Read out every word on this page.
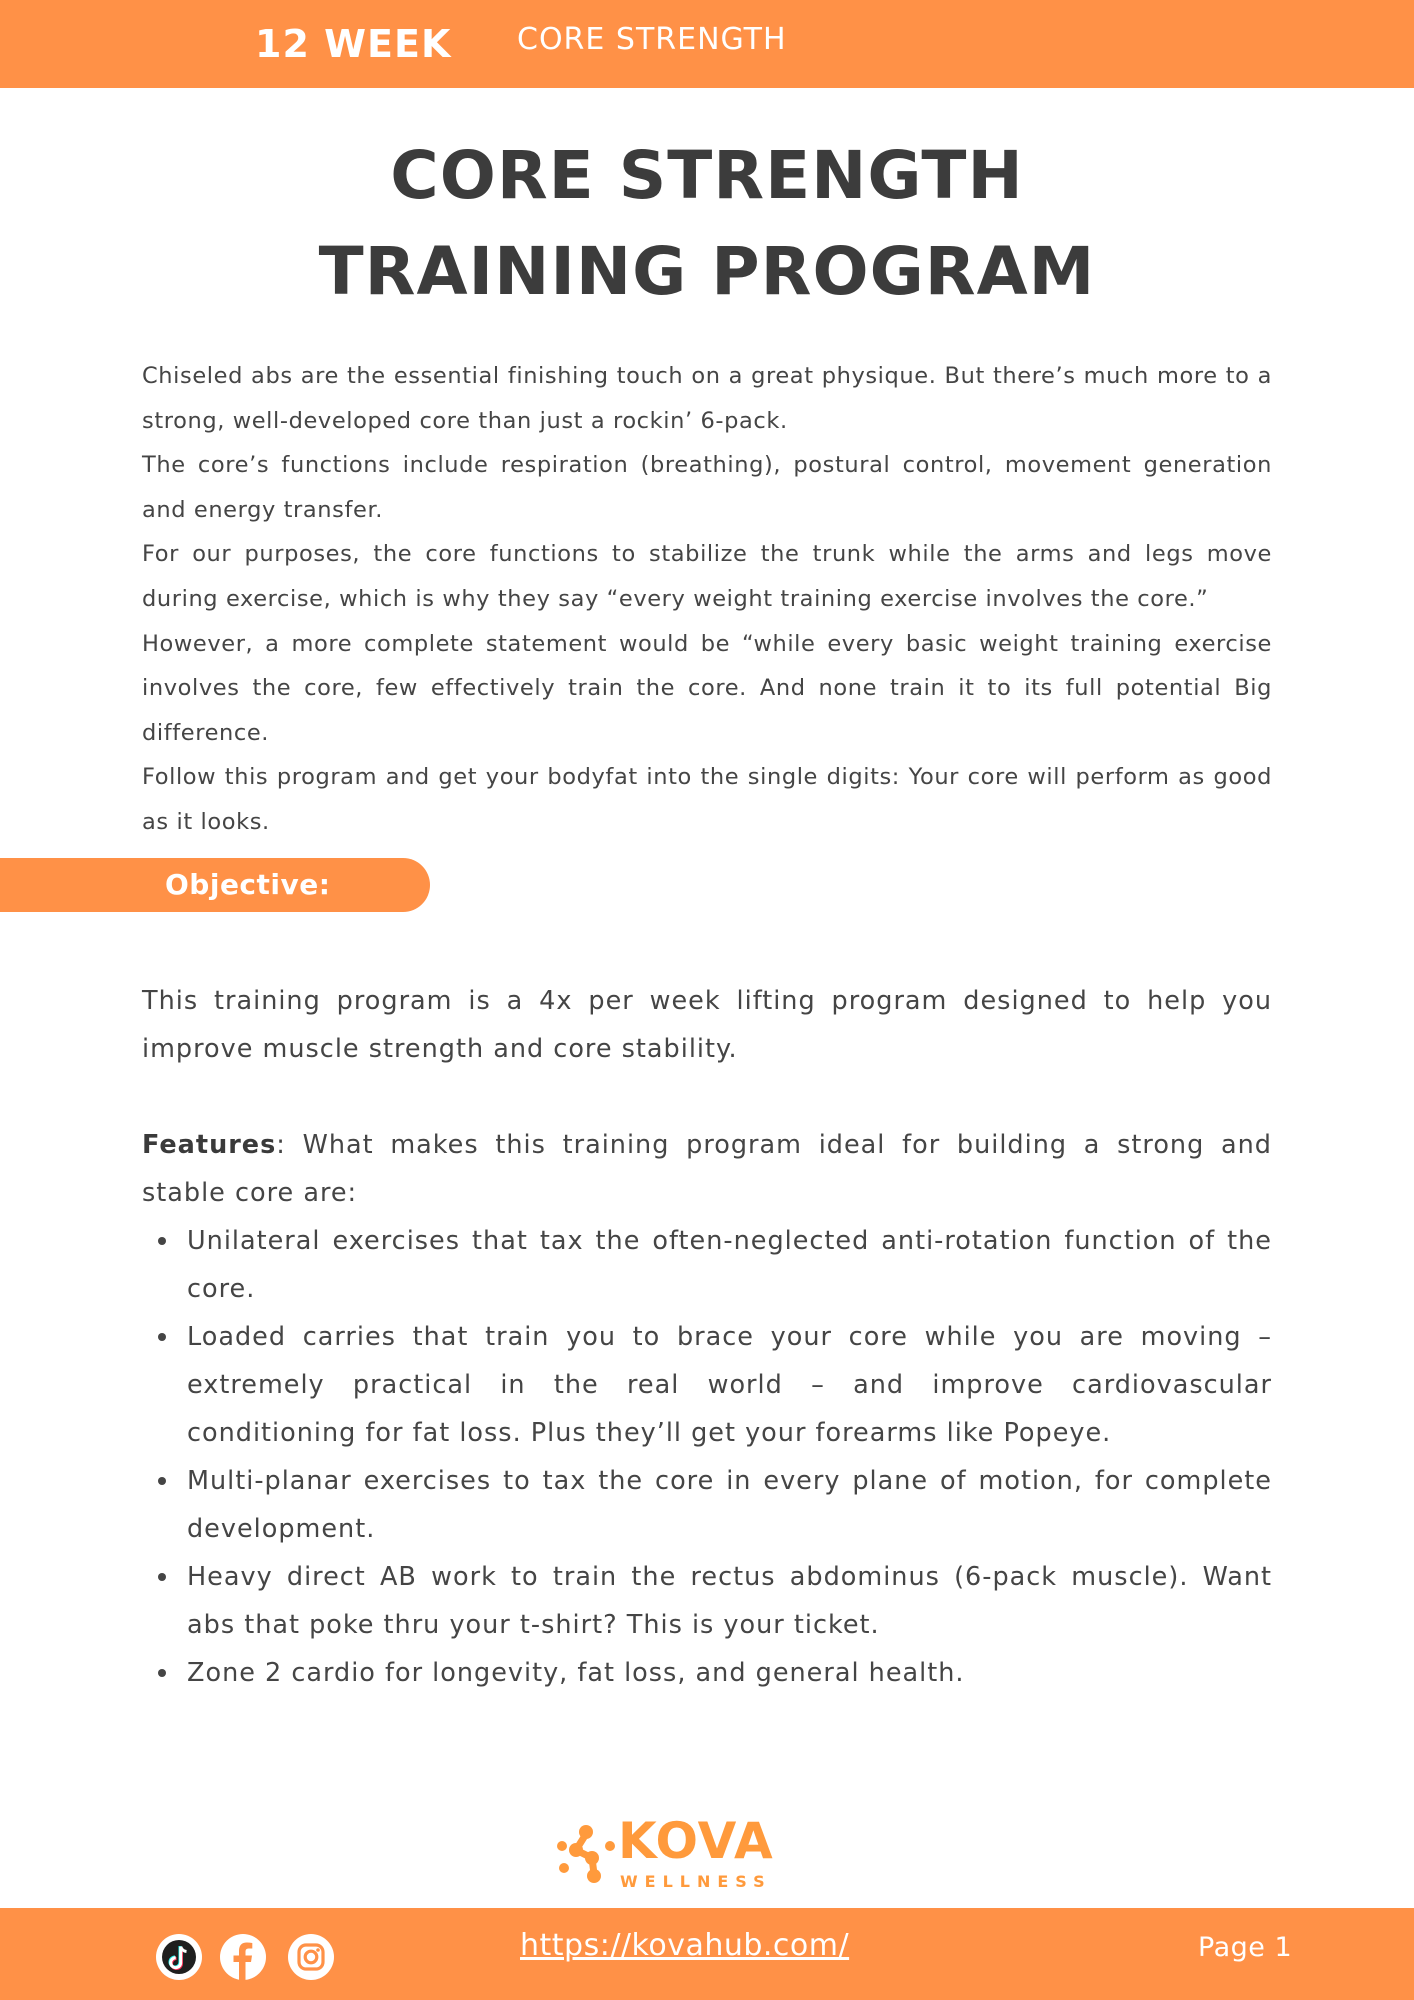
12 WEEK CORE STRENGTH
CORE STRENGTH
TRAINING PROGRAM

Chiseled abs are the essential finishing touch on a great physique. But there’s much more to a strong, well-developed core than just a rockin’ 6-pack.

The core’s functions include respiration (breathing), postural control, movement generation and energy transfer.

For our purposes, the core functions to stabilize the trunk while the arms and legs move during exercise, which is why they say “every weight training exercise involves the core.”

However, a more complete statement would be “while every basic weight training exercise involves the core, few effectively train the core. And none train it to its full potential Big difference.

Follow this program and get your bodyfat into the single digits: Your core will perform as good as it looks.

Objective:

This training program is a 4x per week lifting program designed to help you improve muscle strength and core stability.

Features: What makes this training program ideal for building a strong and stable core are:

Unilateral exercises that tax the often-neglected anti-rotation function of the core.
Loaded carries that train you to brace your core while you are moving – extremely practical in the real world – and improve cardiovascular conditioning for fat loss. Plus they’ll get your forearms like Popeye.
Multi-planar exercises to tax the core in every plane of motion, for complete development.
Heavy direct AB work to train the rectus abdominus (6-pack muscle). Want abs that poke thru your t-shirt? This is your ticket.
Zone 2 cardio for longevity, fat loss, and general health.
KOVA
WELLNESS
https://kovahub.com/	Page 1
